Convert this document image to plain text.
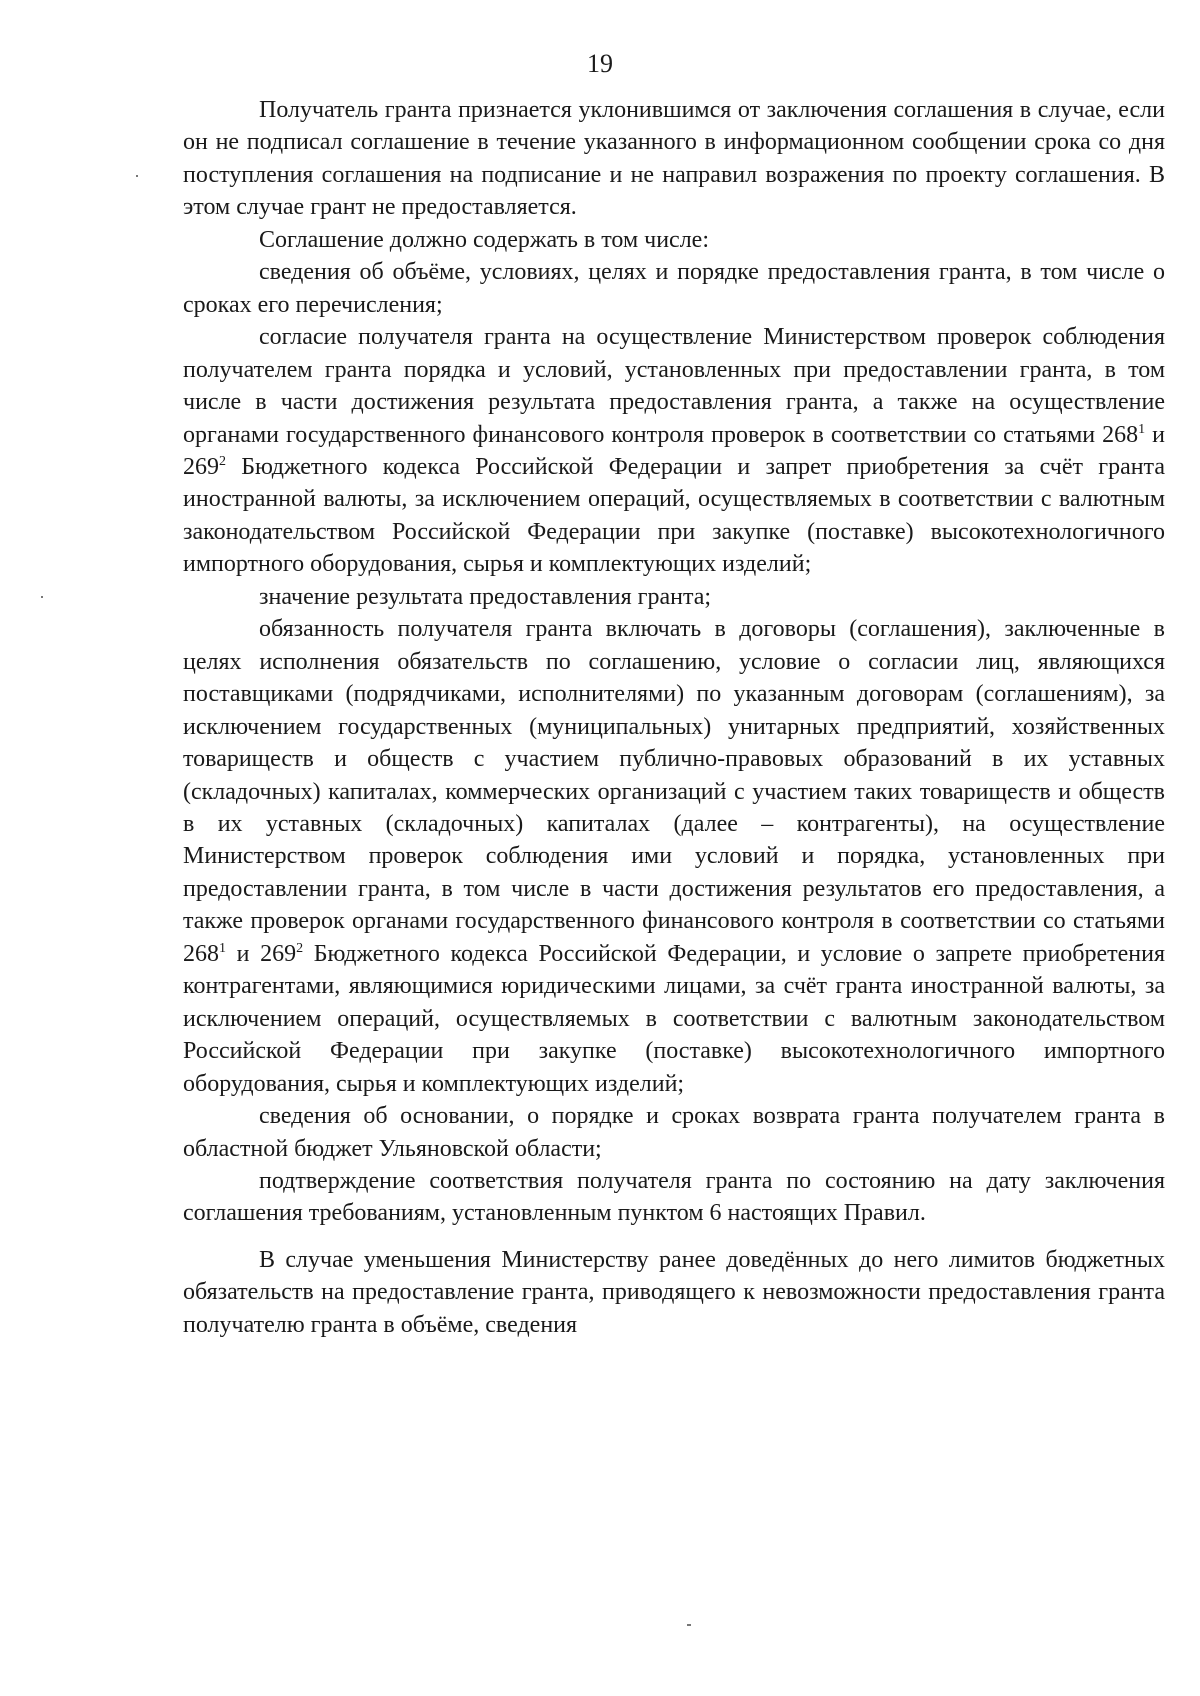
19

Получатель гранта признается уклонившимся от заключения соглашения в случае, если он не подписал соглашение в течение указанного в информационном сообщении срока со дня поступления соглашения на подписание и не направил возражения по проекту соглашения. В этом случае грант не предоставляется.

Соглашение должно содержать в том числе:

сведения об объёме, условиях, целях и порядке предоставления гранта, в том числе о сроках его перечисления;

согласие получателя гранта на осуществление Министерством проверок соблюдения получателем гранта порядка и условий, установленных при предоставлении гранта, в том числе в части достижения результата предоставления гранта, а также на осуществление органами государственного финансового контроля проверок в соответствии со статьями $268^1$ и $269^2$ Бюджетного кодекса Российской Федерации и запрет приобретения за счёт гранта иностранной валюты, за исключением операций, осуществляемых в соответствии с валютным законодательством Российской Федерации при закупке (поставке) высокотехнологичного импортного оборудования, сырья и комплектующих изделий;

значение результата предоставления гранта;

обязанность получателя гранта включать в договоры (соглашения), заключенные в целях исполнения обязательств по соглашению, условие о согласии лиц, являющихся поставщиками (подрядчиками, исполнителями) по указанным договорам (соглашениям), за исключением государственных (муниципальных) унитарных предприятий, хозяйственных товариществ и обществ с участием публично-правовых образований в их уставных (складочных) капиталах, коммерческих организаций с участием таких товариществ и обществ в их уставных (складочных) капиталах (далее – контрагенты), на осуществление Министерством проверок соблюдения ими условий и порядка, установленных при предоставлении гранта, в том числе в части достижения результатов его предоставления, а также проверок органами государственного финансового контроля в соответствии со статьями $268^1$ и $269^2$ Бюджетного кодекса Российской Федерации, и условие о запрете приобретения контрагентами, являющимися юридическими лицами, за счёт гранта иностранной валюты, за исключением операций, осуществляемых в соответствии с валютным законодательством Российской Федерации при закупке (поставке) высокотехнологичного импортного оборудования, сырья и комплектующих изделий;

сведения об основании, о порядке и сроках возврата гранта получателем гранта в областной бюджет Ульяновской области;

подтверждение соответствия получателя гранта по состоянию на дату заключения соглашения требованиям, установленным пунктом 6 настоящих Правил.

В случае уменьшения Министерству ранее доведённых до него лимитов бюджетных обязательств на предоставление гранта, приводящего к невозможности предоставления гранта получателю гранта в объёме, сведения
